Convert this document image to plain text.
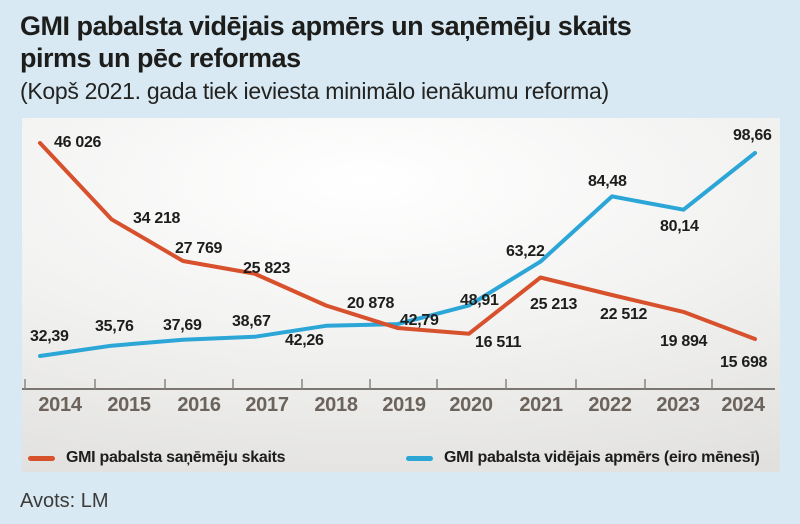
GMI pabalsta vidējais apmērs un saņēmēju skaits
pirms un pēc reformas
(Kopš 2021. gada tiek ieviesta minimālo ienākumu reforma)
46 026
34 218
27 769
25 823
20 878
16 511
25 213
22 512
19 894
15 698
32,39
35,76 37,69 38,67
42,26
42,79
48,91
63,22
84,48
80,14
98,66
2014 2015 2016 2017 2018 2019 2020 2021 2022 2023 2024
GMI pabalsta saņēmēju skaits	GMI pabalsta vidējais apmērs (eiro mēnesī)
Avots: LM
